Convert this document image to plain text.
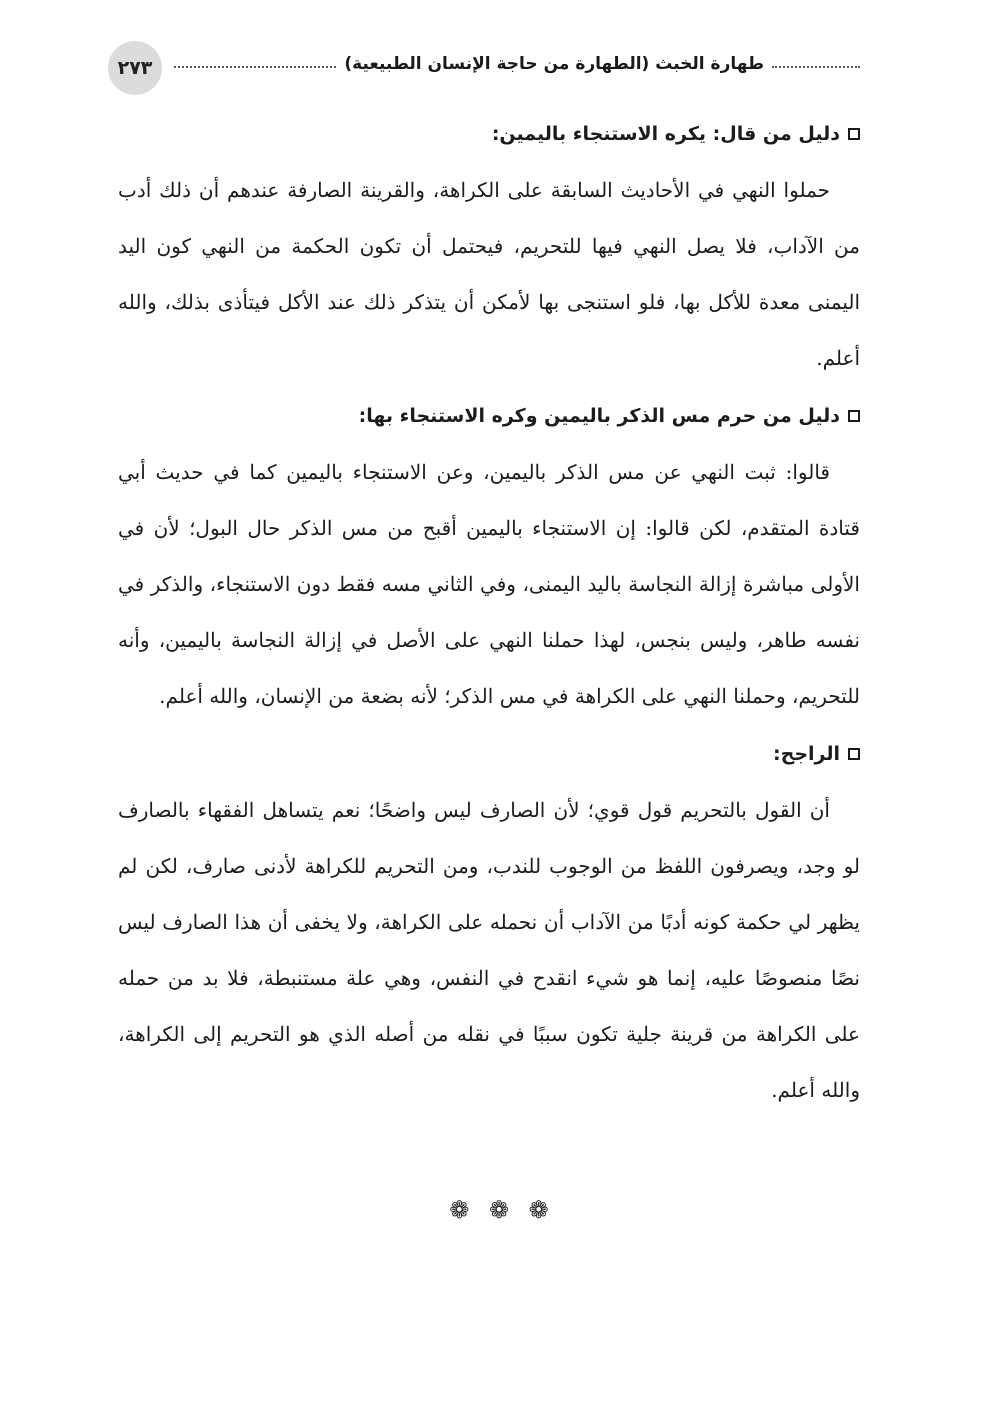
٢٧٣	طهارة الخبث (الطهارة من حاجة الإنسان الطبيعية)
دليل من قال: يكره الاستنجاء باليمين:

حملوا النهي في الأحاديث السابقة على الكراهة، والقرينة الصارفة عندهم أن ذلك أدب من الآداب، فلا يصل النهي فيها للتحريم، فيحتمل أن تكون الحكمة من النهي كون اليد اليمنى معدة للأكل بها، فلو استنجى بها لأمكن أن يتذكر ذلك عند الأكل فيتأذى بذلك، والله أعلم.

دليل من حرم مس الذكر باليمين وكره الاستنجاء بها:

قالوا: ثبت النهي عن مس الذكر باليمين، وعن الاستنجاء باليمين كما في حديث أبي قتادة المتقدم، لكن قالوا: إن الاستنجاء باليمين أقبح من مس الذكر حال البول؛ لأن في الأولى مباشرة إزالة النجاسة باليد اليمنى، وفي الثاني مسه فقط دون الاستنجاء، والذكر في نفسه طاهر، وليس بنجس، لهذا حملنا النهي على الأصل في إزالة النجاسة باليمين، وأنه للتحريم، وحملنا النهي على الكراهة في مس الذكر؛ لأنه بضعة من الإنسان، والله أعلم.

الراجح:

أن القول بالتحريم قول قوي؛ لأن الصارف ليس واضحًا؛ نعم يتساهل الفقهاء بالصارف لو وجد، ويصرفون اللفظ من الوجوب للندب، ومن التحريم للكراهة لأدنى صارف، لكن لم يظهر لي حكمة كونه أدبًا من الآداب أن نحمله على الكراهة، ولا يخفى أن هذا الصارف ليس نصًا منصوصًا عليه، إنما هو شيء انقدح في النفس، وهي علة مستنبطة، فلا بد من حمله على الكراهة من قرينة جلية تكون سببًا في نقله من أصله الذي هو التحريم إلى الكراهة، والله أعلم.

❁ ❁ ❁
